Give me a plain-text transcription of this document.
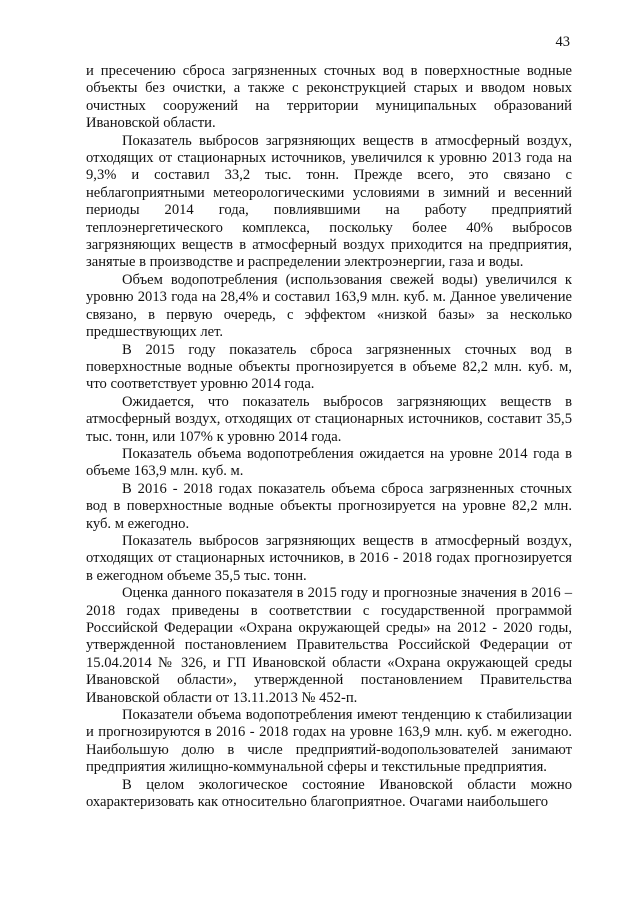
43

и пресечению сброса загрязненных сточных вод в поверхностные водные объекты без очистки, а также с реконструкцией старых и вводом новых очистных сооружений на территории муниципальных образований Ивановской области.

Показатель выбросов загрязняющих веществ в атмосферный воздух, отходящих от стационарных источников, увеличился к уровню 2013 года на 9,3% и составил 33,2 тыс. тонн. Прежде всего, это связано с неблагоприятными метеорологическими условиями в зимний и весенний периоды 2014 года, повлиявшими на работу предприятий теплоэнергетического комплекса, поскольку более 40% выбросов загрязняющих веществ в атмосферный воздух приходится на предприятия, занятые в производстве и распределении электроэнергии, газа и воды.

Объем водопотребления (использования свежей воды) увеличился к уровню 2013 года на 28,4% и составил 163,9 млн. куб. м. Данное увеличение связано, в первую очередь, с эффектом «низкой базы» за несколько предшествующих лет.

В 2015 году показатель сброса загрязненных сточных вод в поверхностные водные объекты прогнозируется в объеме 82,2 млн. куб. м, что соответствует уровню 2014 года.

Ожидается, что показатель выбросов загрязняющих веществ в атмосферный воздух, отходящих от стационарных источников, составит 35,5 тыс. тонн, или 107% к уровню 2014 года.

Показатель объема водопотребления ожидается на уровне 2014 года в объеме 163,9 млн. куб. м.

В 2016 - 2018 годах показатель объема сброса загрязненных сточных вод в поверхностные водные объекты прогнозируется на уровне 82,2 млн. куб. м ежегодно.

Показатель выбросов загрязняющих веществ в атмосферный воздух, отходящих от стационарных источников, в 2016 - 2018 годах прогнозируется в ежегодном объеме 35,5 тыс. тонн.

Оценка данного показателя в 2015 году и прогнозные значения в 2016 – 2018 годах приведены в соответствии с государственной программой Российской Федерации «Охрана окружающей среды» на 2012 - 2020 годы, утвержденной постановлением Правительства Российской Федерации от 15.04.2014 № 326, и ГП Ивановской области «Охрана окружающей среды Ивановской области», утвержденной постановлением Правительства Ивановской области от 13.11.2013 № 452-п.

Показатели объема водопотребления имеют тенденцию к стабилизации и прогнозируются в 2016 - 2018 годах на уровне 163,9 млн. куб. м ежегодно. Наибольшую долю в числе предприятий-водопользователей занимают предприятия жилищно-коммунальной сферы и текстильные предприятия.

В целом экологическое состояние Ивановской области можно охарактеризовать как относительно благоприятное. Очагами наибольшего
